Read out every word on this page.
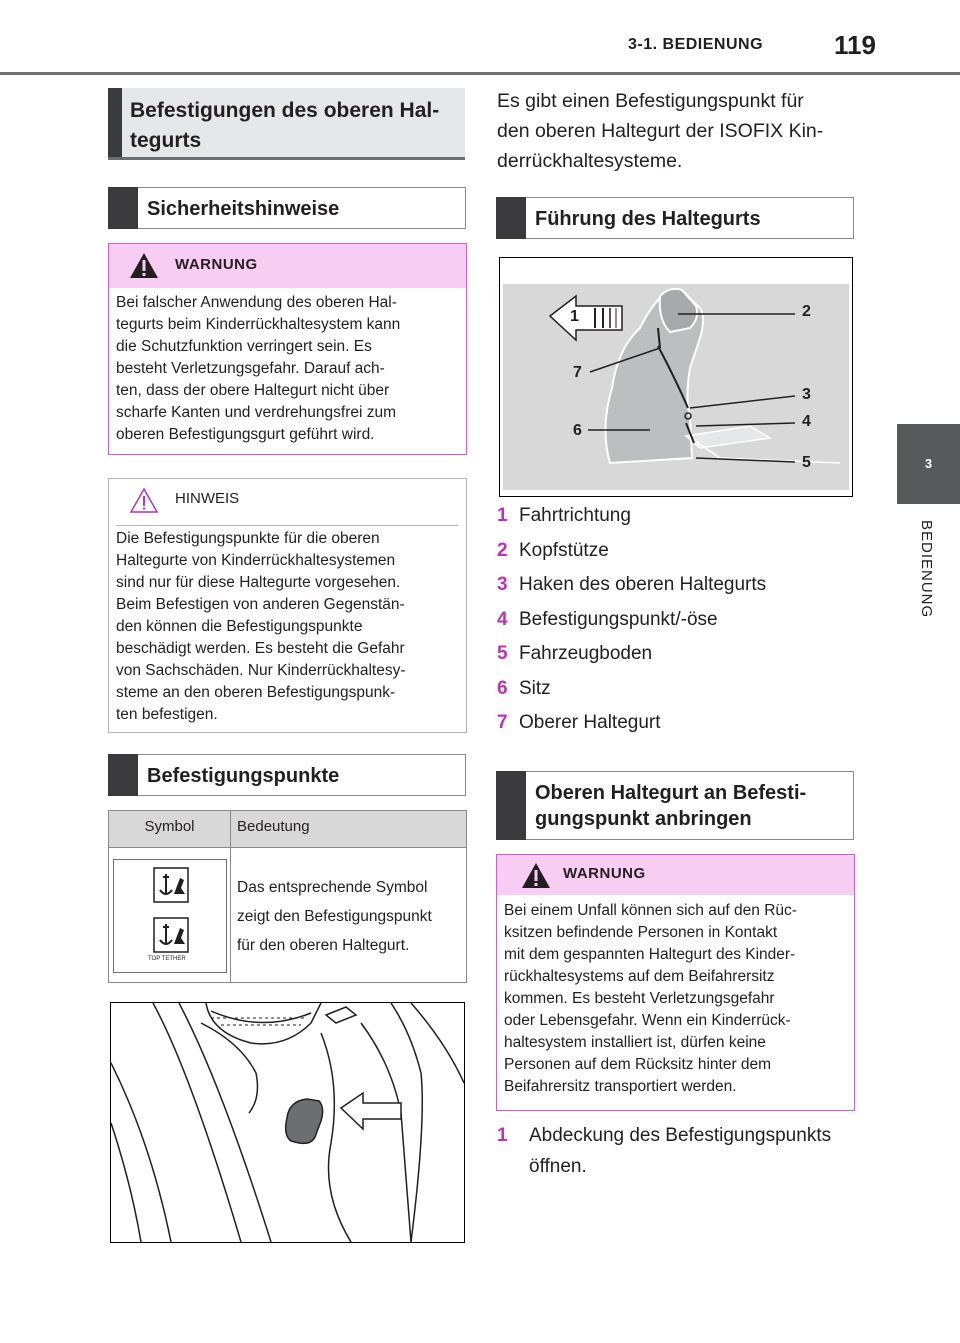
3-1. BEDIENUNG	119
3
BEDIENUNG
Befestigungen des oberen Hal-
tegurts
Sicherheitshinweise
WARNUNG
Bei falscher Anwendung des oberen Hal-
tegurts beim Kinderrückhaltesystem kann
die Schutzfunktion verringert sein. Es
besteht Verletzungsgefahr. Darauf ach-
ten, dass der obere Haltegurt nicht über
scharfe Kanten und verdrehungsfrei zum
oberen Befestigungsgurt geführt wird.
HINWEIS
Die Befestigungspunkte für die oberen
Haltegurte von Kinderrückhaltesystemen
sind nur für diese Haltegurte vorgesehen.
Beim Befestigen von anderen Gegenstän-
den können die Befestigungspunkte
beschädigt werden. Es besteht die Gefahr
von Sachschäden. Nur Kinderrückhaltesy-
steme an den oberen Befestigungspunk-
ten befestigen.
Befestigungspunkte
Symbol	Bedeutung
TOP TETHER
Das entsprechende Symbol
zeigt den Befestigungspunkt
für den oberen Haltegurt.
Es gibt einen Befestigungspunkt für
den oberen Haltegurt der ISOFIX Kin-
derrückhaltesysteme.
Führung des Haltegurts
1	2
3
4
5
6
7
1 Fahrtrichtung
2 Kopfstütze
3 Haken des oberen Haltegurts
4 Befestigungspunkt/-öse
5 Fahrzeugboden
6 Sitz
7 Oberer Haltegurt
Oberen Haltegurt an Befesti-
gungspunkt anbringen
WARNUNG
Bei einem Unfall können sich auf den Rüc-
ksitzen befindende Personen in Kontakt
mit dem gespannten Haltegurt des Kinder-
rückhaltesystems auf dem Beifahrersitz
kommen. Es besteht Verletzungsgefahr
oder Lebensgefahr. Wenn ein Kinderrück-
haltesystem installiert ist, dürfen keine
Personen auf dem Rücksitz hinter dem
Beifahrersitz transportiert werden.
1	Abdeckung des Befestigungspunkts
öffnen.
